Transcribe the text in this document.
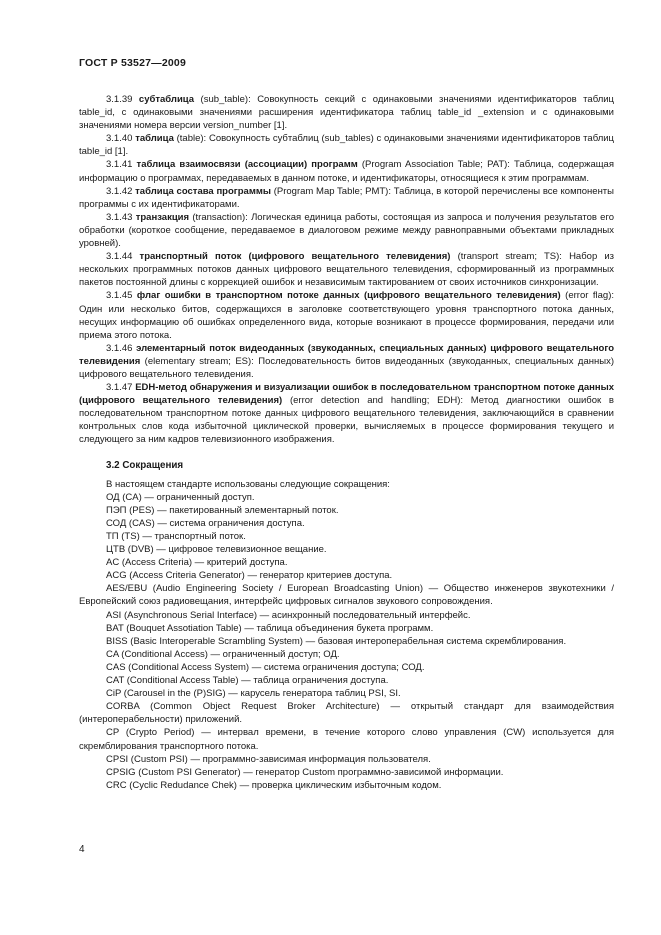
ГОСТ Р 53527—2009

3.1.39 субтаблица (sub_table): Совокупность секций с одинаковыми значениями идентификаторов таблиц table_id, с одинаковыми значениями расширения идентификатора таблиц table_id _extension и с одинаковыми значениями номера версии version_number [1].

3.1.40 таблица (table): Совокупность субтаблиц (sub_tables) с одинаковыми значениями идентификаторов таблиц table_id [1].

3.1.41 таблица взаимосвязи (ассоциации) программ (Program Association Table; PAT): Таблица, содержащая информацию о программах, передаваемых в данном потоке, и идентификаторы, относящиеся к этим программам.

3.1.42 таблица состава программы (Program Map Table; PMT): Таблица, в которой перечислены все компоненты программы с их идентификаторами.

3.1.43 транзакция (transaction): Логическая единица работы, состоящая из запроса и получения результатов его обработки (короткое сообщение, передаваемое в диалоговом режиме между равноправными объектами прикладных уровней).

3.1.44 транспортный поток (цифрового вещательного телевидения) (transport stream; TS): Набор из нескольких программных потоков данных цифрового вещательного телевидения, сформированный из программных пакетов постоянной длины с коррекцией ошибок и независимым тактированием от своих источников синхронизации.

3.1.45 флаг ошибки в транспортном потоке данных (цифрового вещательного телевидения) (error flag): Один или несколько битов, содержащихся в заголовке соответствующего уровня транспортного потока данных, несущих информацию об ошибках определенного вида, которые возникают в процессе формирования, передачи или приема этого потока.

3.1.46 элементарный поток видеоданных (звукоданных, специальных данных) цифрового вещательного телевидения (elementary stream; ES): Последовательность битов видеоданных (звукоданных, специальных данных) цифрового вещательного телевидения.

3.1.47 EDH-метод обнаружения и визуализации ошибок в последовательном транспортном потоке данных (цифрового вещательного телевидения) (error detection and handling; EDH): Метод диагностики ошибок в последовательном транспортном потоке данных цифрового вещательного телевидения, заключающийся в сравнении контрольных слов кода избыточной циклической проверки, вычисляемых в процессе формирования текущего и следующего за ним кадров телевизионного изображения.

3.2 Сокращения

В настоящем стандарте использованы следующие сокращения:

ОД (CA) — ограниченный доступ.

ПЭП (PES) — пакетированный элементарный поток.

СОД (CAS) — система ограничения доступа.

ТП (TS) — транспортный поток.

ЦТВ (DVB) — цифровое телевизионное вещание.

AC (Access Criteria) — критерий доступа.

ACG (Access Criteria Generator) — генератор критериев доступа.

AES/EBU (Audio Engineering Society / European Broadcasting Union) — Общество инженеров звукотехники / Европейский союз радиовещания, интерфейс цифровых сигналов звукового сопровождения.

ASI (Asynchronous Serial Interface) — асинхронный последовательный интерфейс.

BAT (Bouquet Assotiation Table) — таблица объединения букета программ.

BISS (Basic Interoperable Scrambling System) — базовая интероперабельная система скремблирования.

CA (Conditional Access) — ограниченный доступ; ОД.

CAS (Conditional Access System) — система ограничения доступа; СОД.

CAT (Conditional Access Table) — таблица ограничения доступа.

CiP (Carousel in the (P)SIG) — карусель генератора таблиц PSI, SI.

CORBA (Common Object Request Broker Architecture) — открытый стандарт для взаимодействия (интероперабельности) приложений.

CP (Crypto Period) — интервал времени, в течение которого слово управления (CW) используется для скремблирования транспортного потока.

CPSI (Custom PSI) — программно-зависимая информация пользователя.

CPSIG (Custom PSI Generator) — генератор Custom программно-зависимой информации.

CRC (Cyclic Redudance Chek) — проверка циклическим избыточным кодом.

4
